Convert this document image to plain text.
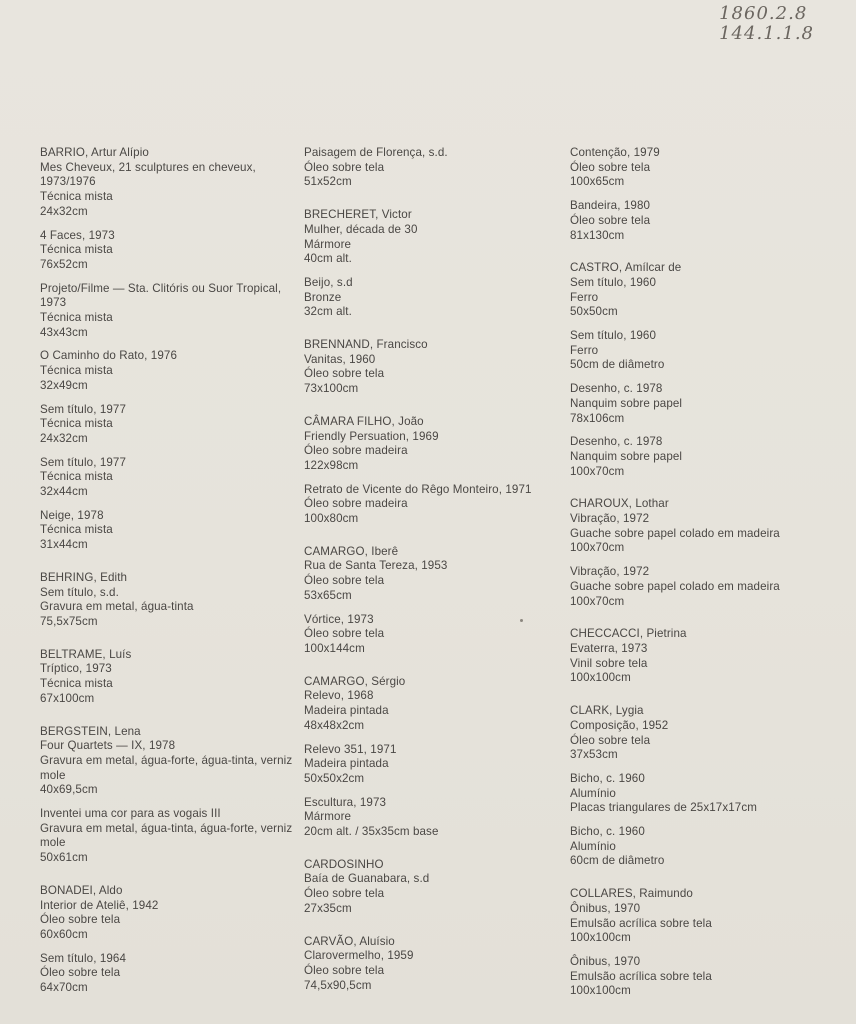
1860.2.8
144.1.1.8
BARRIO, Artur Alípio
Mes Cheveux, 21 sculptures en cheveux,
1973/1976
Técnica mista
24x32cm
4 Faces, 1973
Técnica mista
76x52cm
Projeto/Filme — Sta. Clitóris ou Suor Tropical,
1973
Técnica mista
43x43cm
O Caminho do Rato, 1976
Técnica mista
32x49cm
Sem título, 1977
Técnica mista
24x32cm
Sem título, 1977
Técnica mista
32x44cm
Neige, 1978
Técnica mista
31x44cm
BEHRING, Edith
Sem título, s.d.
Gravura em metal, água-tinta
75,5x75cm
BELTRAME, Luís
Tríptico, 1973
Técnica mista
67x100cm
BERGSTEIN, Lena
Four Quartets — IX, 1978
Gravura em metal, água-forte, água-tinta, verniz
mole
40x69,5cm
Inventei uma cor para as vogais III
Gravura em metal, água-tinta, água-forte, verniz
mole
50x61cm
BONADEI, Aldo
Interior de Ateliê, 1942
Óleo sobre tela
60x60cm
Sem título, 1964
Óleo sobre tela
64x70cm
Paisagem de Florença, s.d.
Óleo sobre tela
51x52cm
BRECHERET, Victor
Mulher, década de 30
Mármore
40cm alt.
Beijo, s.d
Bronze
32cm alt.
BRENNAND, Francisco
Vanitas, 1960
Óleo sobre tela
73x100cm
CÂMARA FILHO, João
Friendly Persuation, 1969
Óleo sobre madeira
122x98cm
Retrato de Vicente do Rêgo Monteiro, 1971
Óleo sobre madeira
100x80cm
CAMARGO, Iberê
Rua de Santa Tereza, 1953
Óleo sobre tela
53x65cm
Vórtice, 1973
Óleo sobre tela
100x144cm
CAMARGO, Sérgio
Relevo, 1968
Madeira pintada
48x48x2cm
Relevo 351, 1971
Madeira pintada
50x50x2cm
Escultura, 1973
Mármore
20cm alt. / 35x35cm base
CARDOSINHO
Baía de Guanabara, s.d
Óleo sobre tela
27x35cm
CARVÃO, Aluísio
Clarovermelho, 1959
Óleo sobre tela
74,5x90,5cm
Contenção, 1979
Óleo sobre tela
100x65cm
Bandeira, 1980
Óleo sobre tela
81x130cm
CASTRO, Amílcar de
Sem título, 1960
Ferro
50x50cm
Sem título, 1960
Ferro
50cm de diâmetro
Desenho, c. 1978
Nanquim sobre papel
78x106cm
Desenho, c. 1978
Nanquim sobre papel
100x70cm
CHAROUX, Lothar
Vibração, 1972
Guache sobre papel colado em madeira
100x70cm
Vibração, 1972
Guache sobre papel colado em madeira
100x70cm
CHECCACCI, Pietrina
Evaterra, 1973
Vinil sobre tela
100x100cm
CLARK, Lygia
Composição, 1952
Óleo sobre tela
37x53cm
Bicho, c. 1960
Alumínio
Placas triangulares de 25x17x17cm
Bicho, c. 1960
Alumínio
60cm de diâmetro
COLLARES, Raimundo
Ônibus, 1970
Emulsão acrílica sobre tela
100x100cm
Ônibus, 1970
Emulsão acrílica sobre tela
100x100cm
